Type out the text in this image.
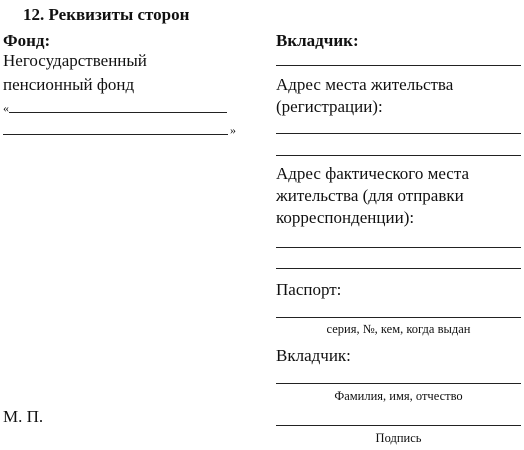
12. Реквизиты сторон
Фонд:
Негосударственный
пенсионный фонд
«
»
М. П.
Вкладчик:
Адрес места жительства
(регистрации):
Адрес фактического места
жительства (для отправки
корреспонденции):
Паспорт:
серия, №, кем, когда выдан
Вкладчик:
Фамилия, имя, отчество
Подпись
